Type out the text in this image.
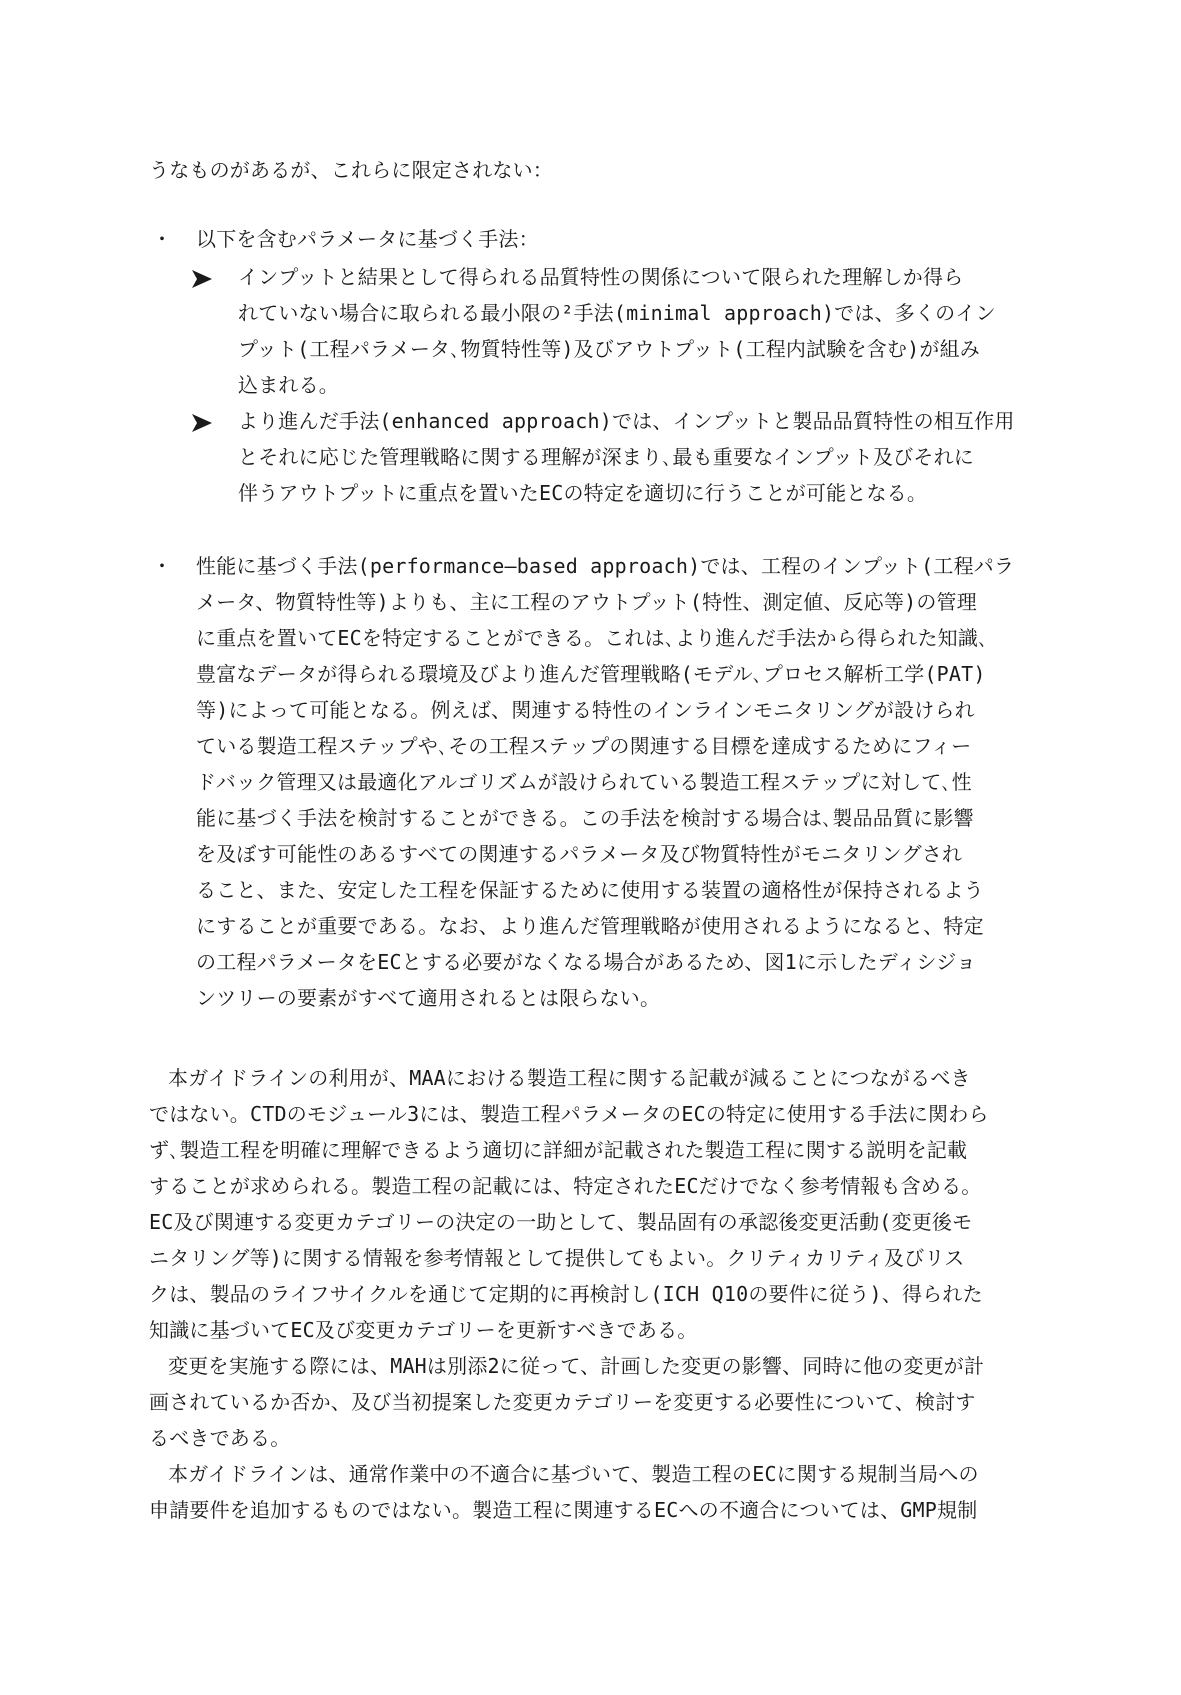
うなものがあるが、これらに限定されない：
・ 以下を含むパラメータに基づく手法：
インプットと結果として得られる品質特性の関係について限られた理解しか得ら
れていない場合に取られる最小限の²手法(minimal approach)では、多くのイン
プット(工程パラメータ､物質特性等)及びアウトプット(工程内試験を含む)が組み
込まれる。
より進んだ手法(enhanced approach)では、インプットと製品品質特性の相互作用
とそれに応じた管理戦略に関する理解が深まり､最も重要なインプット及びそれに
伴うアウトプットに重点を置いたECの特定を適切に行うことが可能となる。
・ 性能に基づく手法(performance―based approach)では、工程のインプット(工程パラ
メータ、物質特性等)よりも、主に工程のアウトプット(特性、測定値、反応等)の管理
に重点を置いてECを特定することができる。これは､より進んだ手法から得られた知識､
豊富なデータが得られる環境及びより進んだ管理戦略(モデル､プロセス解析工学(PAT)
等)によって可能となる。例えば、関連する特性のインラインモニタリングが設けられ
ている製造工程ステップや､その工程ステップの関連する目標を達成するためにフィー
ドバック管理又は最適化アルゴリズムが設けられている製造工程ステップに対して､性
能に基づく手法を検討することができる。この手法を検討する場合は､製品品質に影響
を及ぼす可能性のあるすべての関連するパラメータ及び物質特性がモニタリングされ
ること、また、安定した工程を保証するために使用する装置の適格性が保持されるよう
にすることが重要である。なお、より進んだ管理戦略が使用されるようになると、特定
の工程パラメータをECとする必要がなくなる場合があるため、図1に示したディシジョ
ンツリーの要素がすべて適用されるとは限らない。
本ガイドラインの利用が、MAAにおける製造工程に関する記載が減ることにつながるべき
ではない。CTDのモジュール3には、製造工程パラメータのECの特定に使用する手法に関わら
ず､製造工程を明確に理解できるよう適切に詳細が記載された製造工程に関する説明を記載
することが求められる。製造工程の記載には、特定されたECだけでなく参考情報も含める。
EC及び関連する変更カテゴリーの決定の一助として、製品固有の承認後変更活動(変更後モ
ニタリング等)に関する情報を参考情報として提供してもよい。クリティカリティ及びリス
クは、製品のライフサイクルを通じて定期的に再検討し(ICH Q10の要件に従う)、得られた
知識に基づいてEC及び変更カテゴリーを更新すべきである。
変更を実施する際には、MAHは別添2に従って、計画した変更の影響、同時に他の変更が計
画されているか否か、及び当初提案した変更カテゴリーを変更する必要性について、検討す
るべきである。
本ガイドラインは、通常作業中の不適合に基づいて、製造工程のECに関する規制当局への
申請要件を追加するものではない。製造工程に関連するECへの不適合については、GMP規制
